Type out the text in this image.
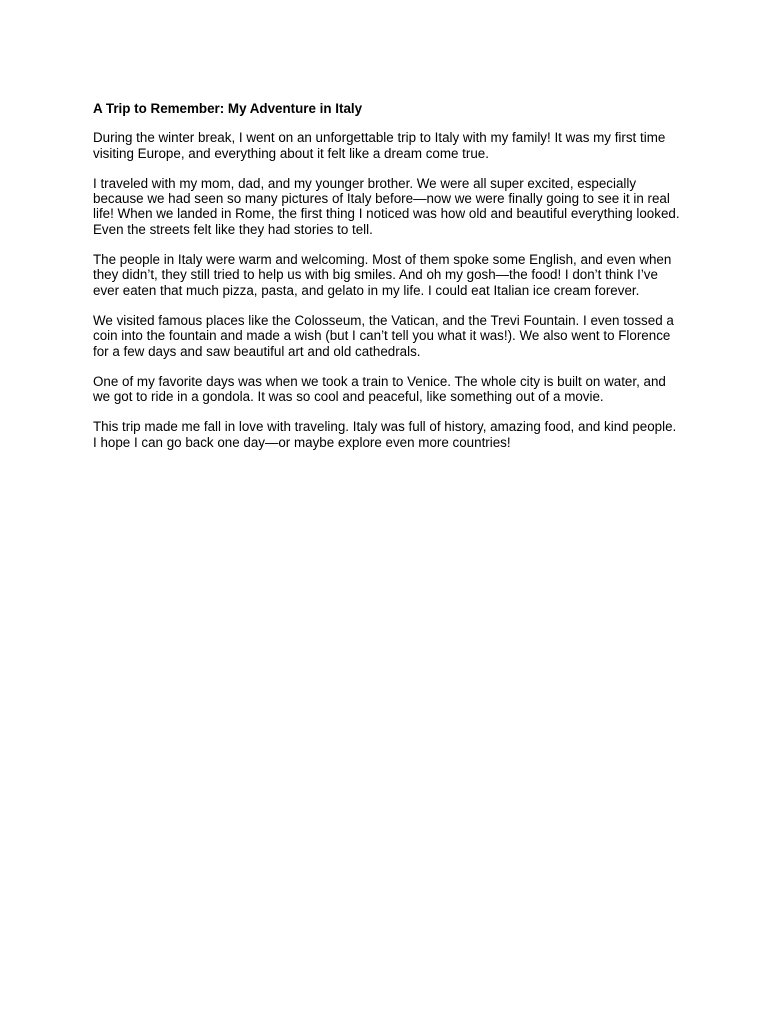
A Trip to Remember: My Adventure in Italy

During the winter break, I went on an unforgettable trip to Italy with my family! It was my first time visiting Europe, and everything about it felt like a dream come true.

I traveled with my mom, dad, and my younger brother. We were all super excited, especially because we had seen so many pictures of Italy before—now we were finally going to see it in real life! When we landed in Rome, the first thing I noticed was how old and beautiful everything looked. Even the streets felt like they had stories to tell.

The people in Italy were warm and welcoming. Most of them spoke some English, and even when they didn’t, they still tried to help us with big smiles. And oh my gosh—the food! I don’t think I’ve ever eaten that much pizza, pasta, and gelato in my life. I could eat Italian ice cream forever.

We visited famous places like the Colosseum, the Vatican, and the Trevi Fountain. I even tossed a coin into the fountain and made a wish (but I can’t tell you what it was!). We also went to Florence for a few days and saw beautiful art and old cathedrals.

One of my favorite days was when we took a train to Venice. The whole city is built on water, and we got to ride in a gondola. It was so cool and peaceful, like something out of a movie.

This trip made me fall in love with traveling. Italy was full of history, amazing food, and kind people. I hope I can go back one day—or maybe explore even more countries!
